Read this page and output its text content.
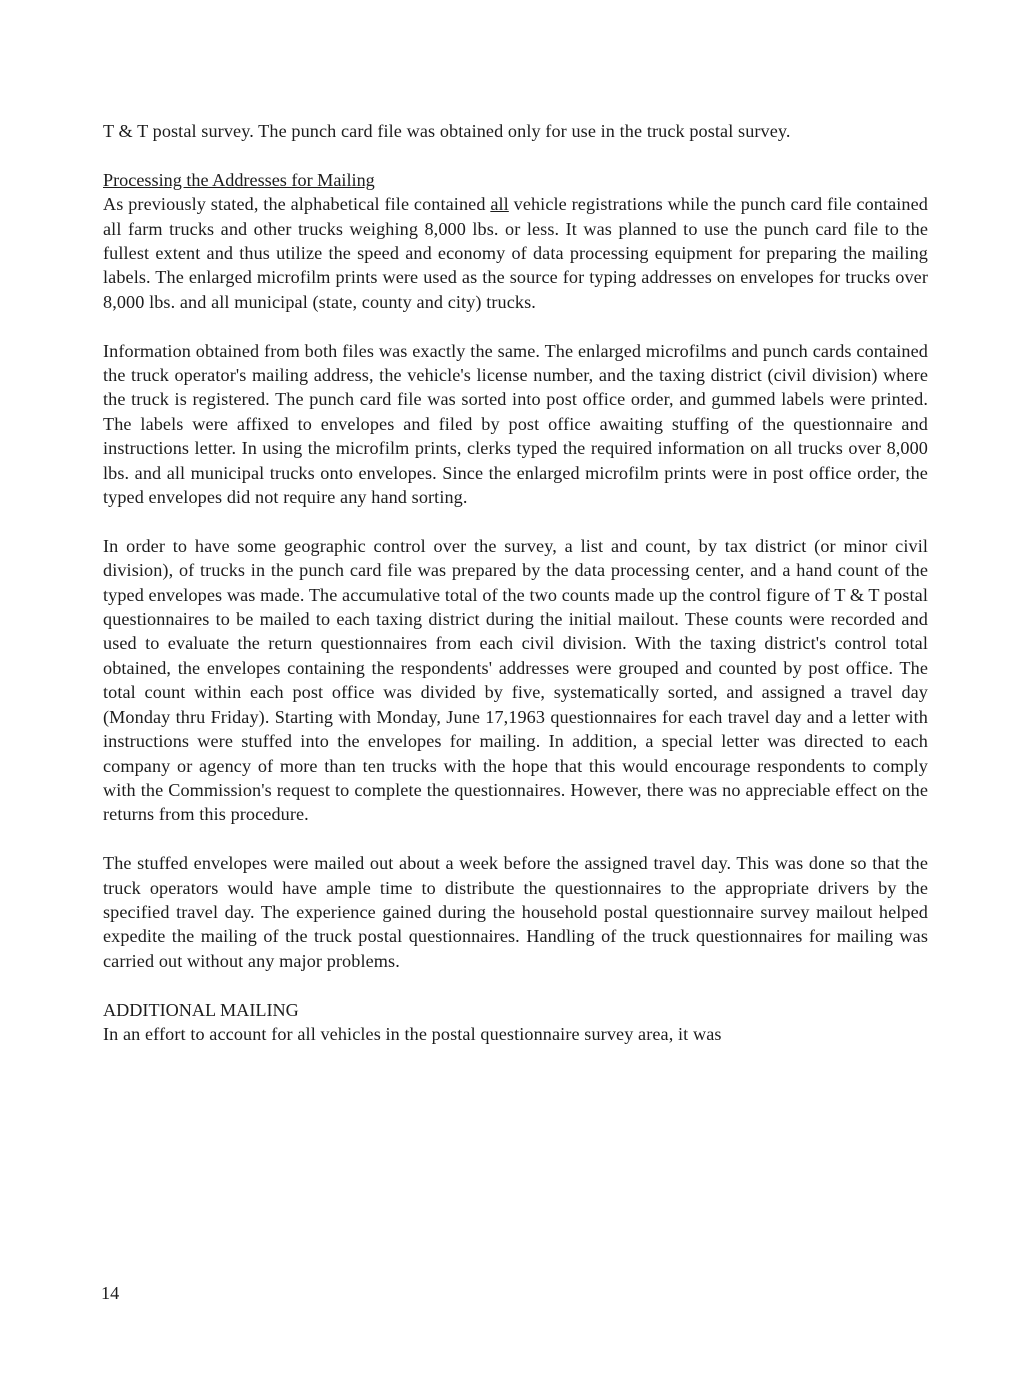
T & T postal survey. The punch card file was obtained only for use in the truck postal survey.

Processing the Addresses for Mailing

As previously stated, the alphabetical file contained all vehicle registrations while the punch card file contained all farm trucks and other trucks weighing 8,000 lbs. or less. It was planned to use the punch card file to the fullest extent and thus utilize the speed and economy of data processing equipment for preparing the mailing labels. The enlarged microfilm prints were used as the source for typing addresses on envelopes for trucks over 8,000 lbs. and all municipal (state, county and city) trucks.

Information obtained from both files was exactly the same. The enlarged microfilms and punch cards contained the truck operator's mailing address, the vehicle's license number, and the taxing district (civil division) where the truck is registered. The punch card file was sorted into post office order, and gummed labels were printed. The labels were affixed to envelopes and filed by post office awaiting stuffing of the questionnaire and instructions letter. In using the microfilm prints, clerks typed the required information on all trucks over 8,000 lbs. and all municipal trucks onto envelopes. Since the enlarged microfilm prints were in post office order, the typed envelopes did not require any hand sorting.

In order to have some geographic control over the survey, a list and count, by tax district (or minor civil division), of trucks in the punch card file was prepared by the data processing center, and a hand count of the typed envelopes was made. The accumulative total of the two counts made up the control figure of T & T postal questionnaires to be mailed to each taxing district during the initial mailout. These counts were recorded and used to evaluate the return questionnaires from each civil division. With the taxing district's control total obtained, the envelopes containing the respondents' addresses were grouped and counted by post office. The total count within each post office was divided by five, systematically sorted, and assigned a travel day (Monday thru Friday). Starting with Monday, June 17,1963 questionnaires for each travel day and a letter with instructions were stuffed into the envelopes for mailing. In addition, a special letter was directed to each company or agency of more than ten trucks with the hope that this would encourage respondents to comply with the Commission's request to complete the questionnaires. However, there was no appreciable effect on the returns from this procedure.

The stuffed envelopes were mailed out about a week before the assigned travel day. This was done so that the truck operators would have ample time to distribute the questionnaires to the appropriate drivers by the specified travel day. The experience gained during the household postal questionnaire survey mailout helped expedite the mailing of the truck postal questionnaires. Handling of the truck questionnaires for mailing was carried out without any major problems.

ADDITIONAL MAILING

In an effort to account for all vehicles in the postal questionnaire survey area, it was

14
